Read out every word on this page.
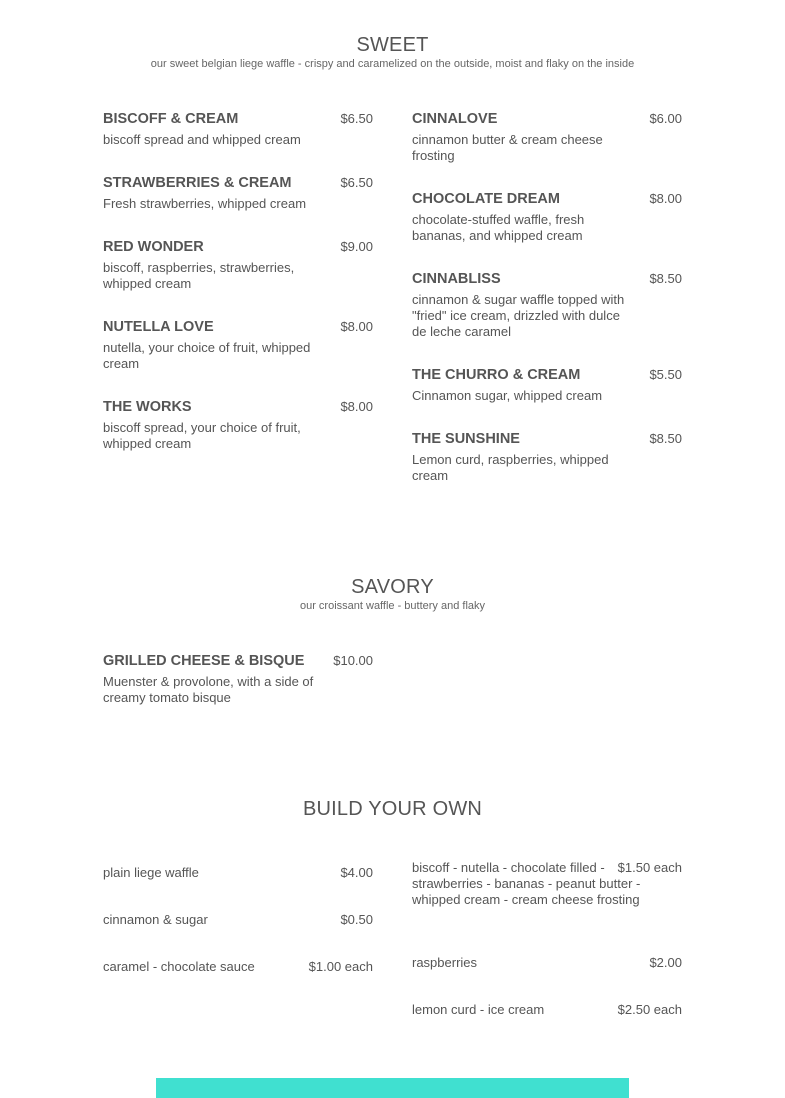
SWEET
our sweet belgian liege waffle - crispy and caramelized on the outside, moist and flaky on the inside
BISCOFF & CREAM	$6.50
biscoff spread and whipped cream
STRAWBERRIES & CREAM	$6.50
Fresh strawberries, whipped cream
RED WONDER	$9.00
biscoff, raspberries, strawberries, whipped cream
NUTELLA LOVE	$8.00
nutella, your choice of fruit, whipped cream
THE WORKS	$8.00
biscoff spread, your choice of fruit, whipped cream
CINNALOVE	$6.00
cinnamon butter & cream cheese frosting
CHOCOLATE DREAM	$8.00
chocolate-stuffed waffle, fresh bananas, and whipped cream
CINNABLISS	$8.50
cinnamon & sugar waffle topped with "fried" ice cream, drizzled with dulce de leche caramel
THE CHURRO & CREAM	$5.50
Cinnamon sugar, whipped cream
THE SUNSHINE	$8.50
Lemon curd, raspberries, whipped cream
SAVORY
our croissant waffle - buttery and flaky
GRILLED CHEESE & BISQUE $10.00
Muenster & provolone, with a side of creamy tomato bisque
BUILD YOUR OWN
plain liege waffle	$4.00
cinnamon & sugar	$0.50
caramel - chocolate sauce	$1.00 each
biscoff - nutella - chocolate filled - strawberries - bananas - peanut butter - whipped cream - cream cheese frosting
$1.50 each
raspberries	$2.00
lemon curd - ice cream	$2.50 each
